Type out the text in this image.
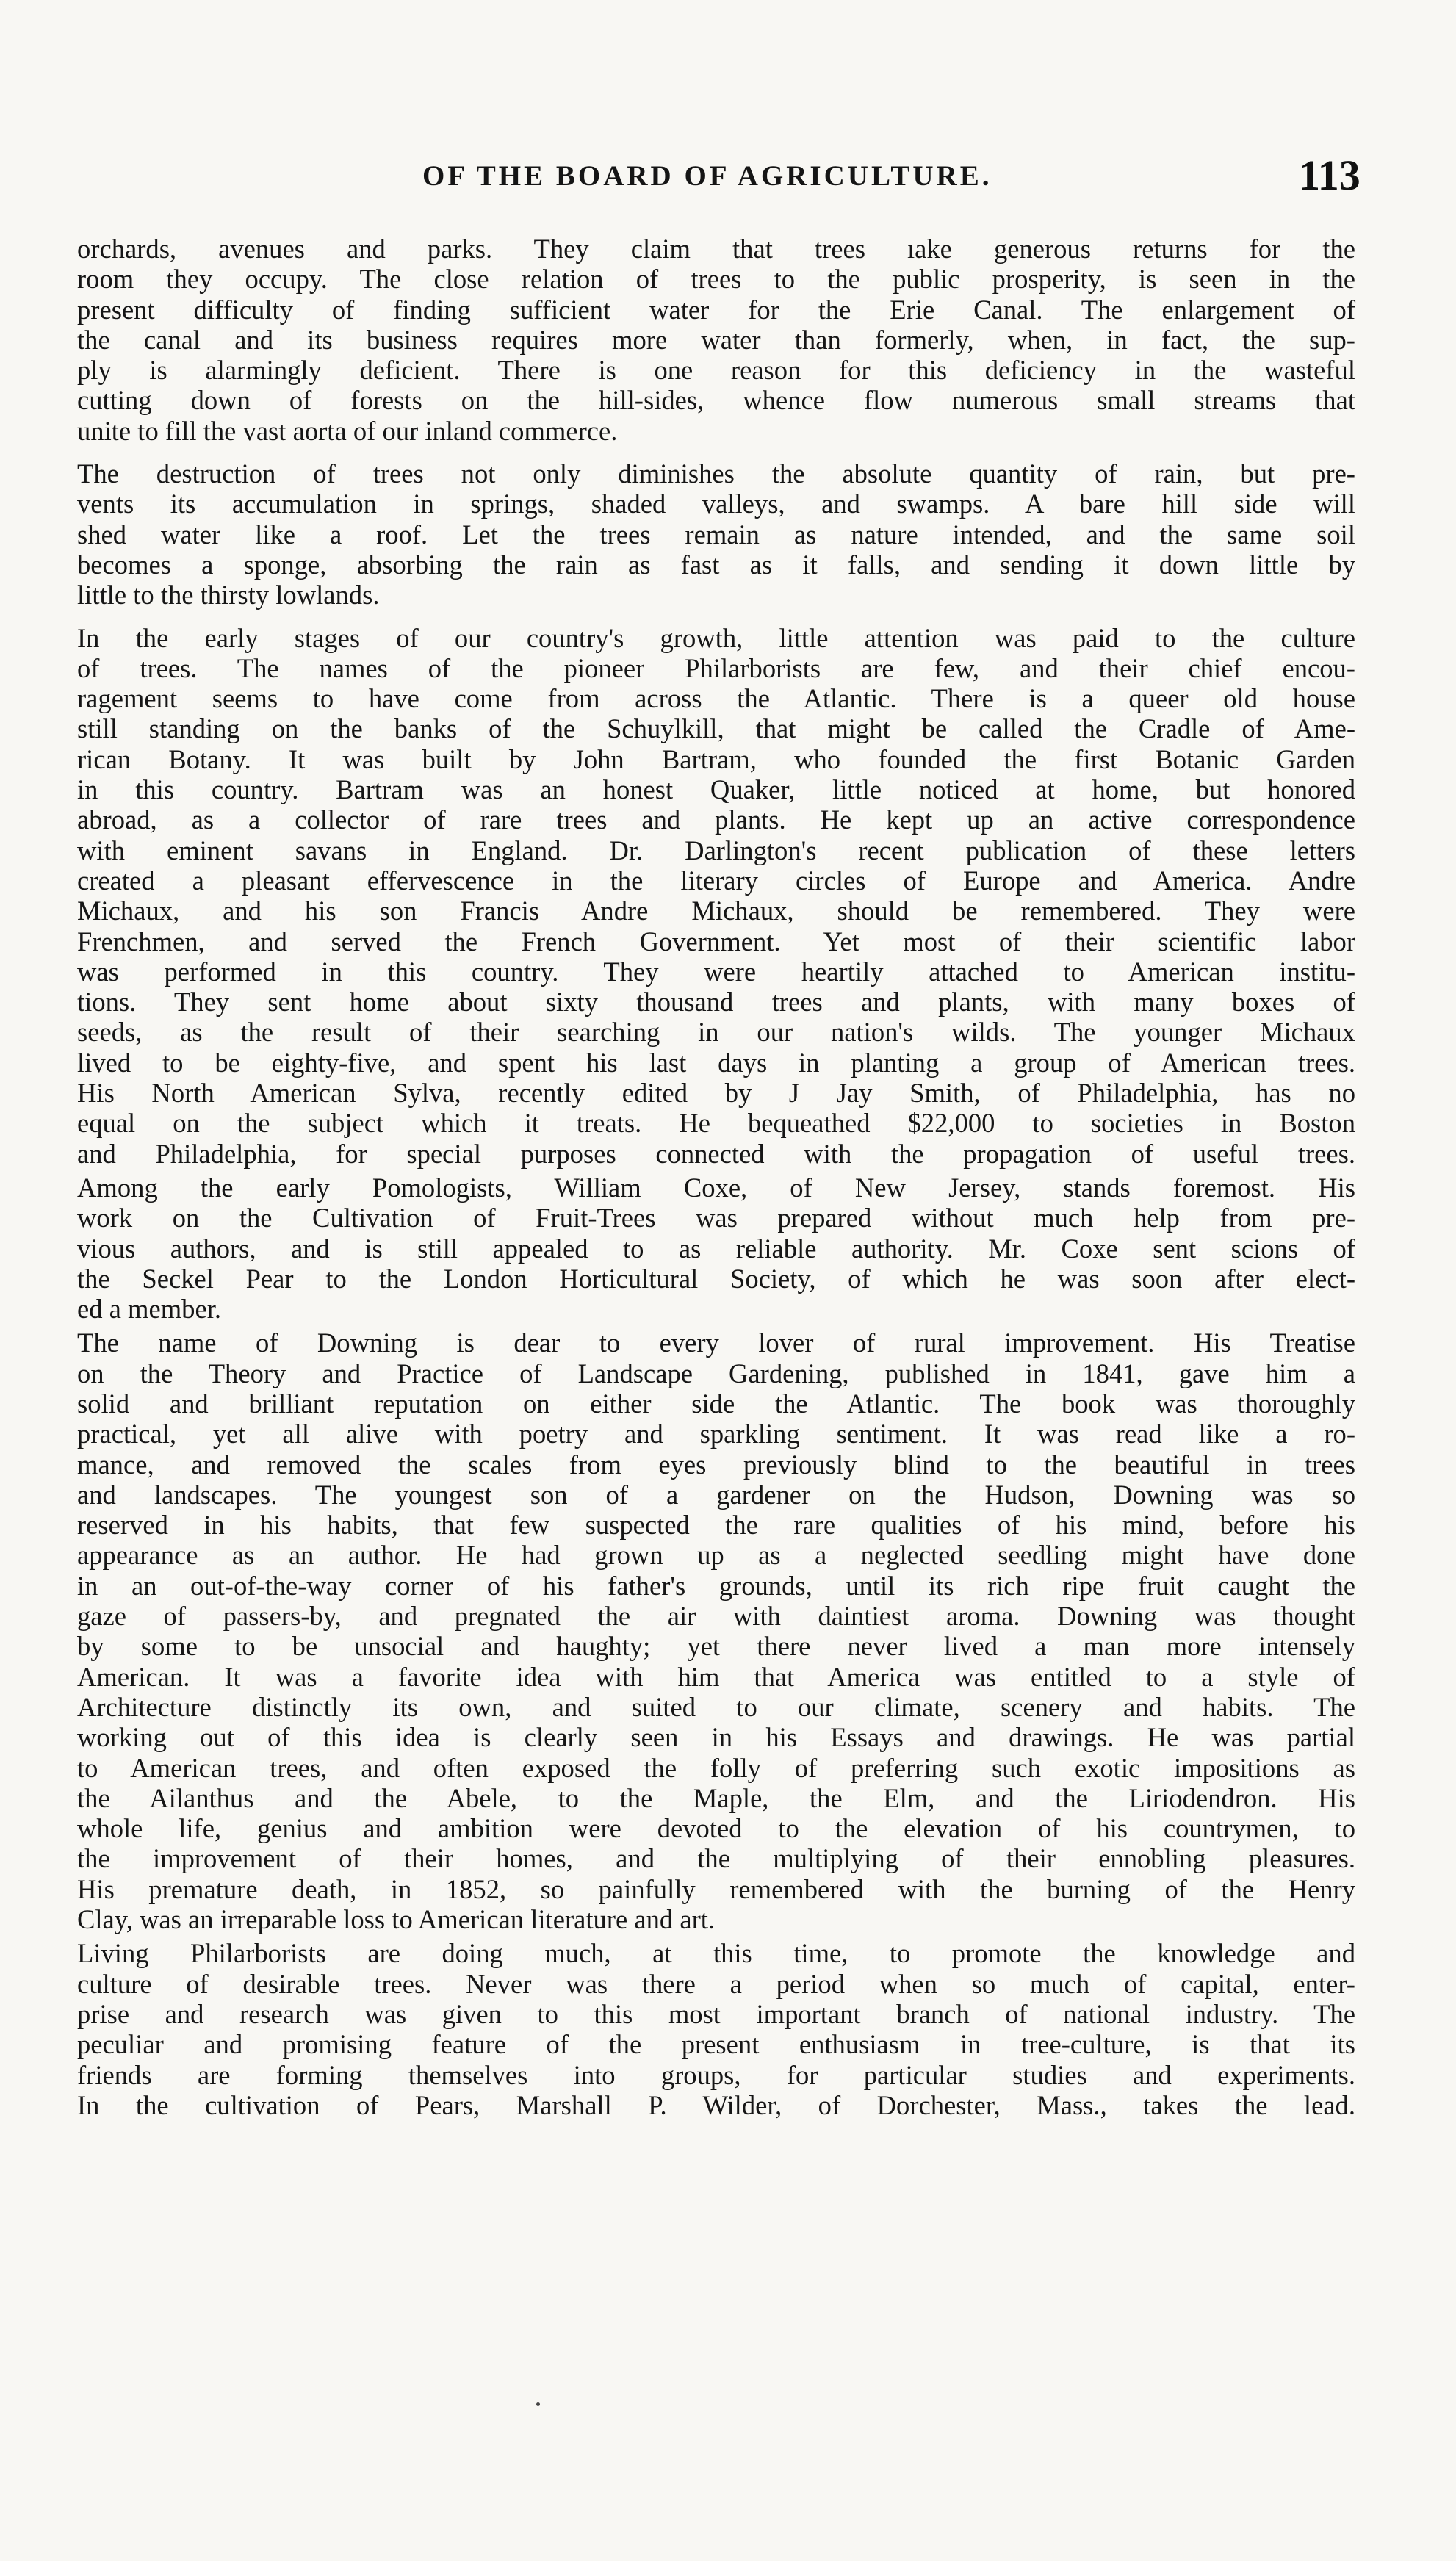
OF THE BOARD OF AGRICULTURE.	113
orchards, avenues and parks. They claim that trees ıake generous returns for the
room they occupy. The close relation of trees to the public prosperity, is seen in the
present difficulty of finding sufficient water for the Erie Canal. The enlargement of
the canal and its business requires more water than formerly, when, in fact, the sup-
ply is alarmingly deficient. There is one reason for this deficiency in the wasteful
cutting down of forests on the hill-sides, whence flow numerous small streams that
unite to fill the vast aorta of our inland commerce.
The destruction of trees not only diminishes the absolute quantity of rain, but pre-
vents its accumulation in springs, shaded valleys, and swamps. A bare hill side will
shed water like a roof. Let the trees remain as nature intended, and the same soil
becomes a sponge, absorbing the rain as fast as it falls, and sending it down little by
little to the thirsty lowlands.
In the early stages of our country's growth, little attention was paid to the culture
of trees. The names of the pioneer Philarborists are few, and their chief encou-
ragement seems to have come from across the Atlantic. There is a queer old house
still standing on the banks of the Schuylkill, that might be called the Cradle of Ame-
rican Botany. It was built by John Bartram, who founded the first Botanic Garden
in this country. Bartram was an honest Quaker, little noticed at home, but honored
abroad, as a collector of rare trees and plants. He kept up an active correspondence
with eminent savans in England. Dr. Darlington's recent publication of these letters
created a pleasant effervescence in the literary circles of Europe and America. Andre
Michaux, and his son Francis Andre Michaux, should be remembered. They were
Frenchmen, and served the French Government. Yet most of their scientific labor
was performed in this country. They were heartily attached to American institu-
tions. They sent home about sixty thousand trees and plants, with many boxes of
seeds, as the result of their searching in our nation's wilds. The younger Michaux
lived to be eighty-five, and spent his last days in planting a group of American trees.
His North American Sylva, recently edited by J Jay Smith, of Philadelphia, has no
equal on the subject which it treats. He bequeathed $22,000 to societies in Boston
and Philadelphia, for special purposes connected with the propagation of useful trees.
Among the early Pomologists, William Coxe, of New Jersey, stands foremost. His
work on the Cultivation of Fruit-Trees was prepared without much help from pre-
vious authors, and is still appealed to as reliable authority. Mr. Coxe sent scions of
the Seckel Pear to the London Horticultural Society, of which he was soon after elect-
ed a member.
The name of Downing is dear to every lover of rural improvement. His Treatise
on the Theory and Practice of Landscape Gardening, published in 1841, gave him a
solid and brilliant reputation on either side the Atlantic. The book was thoroughly
practical, yet all alive with poetry and sparkling sentiment. It was read like a ro-
mance, and removed the scales from eyes previously blind to the beautiful in trees
and landscapes. The youngest son of a gardener on the Hudson, Downing was so
reserved in his habits, that few suspected the rare qualities of his mind, before his
appearance as an author. He had grown up as a neglected seedling might have done
in an out-of-the-way corner of his father's grounds, until its rich ripe fruit caught the
gaze of passers-by, and pregnated the air with daintiest aroma. Downing was thought
by some to be unsocial and haughty; yet there never lived a man more intensely
American. It was a favorite idea with him that America was entitled to a style of
Architecture distinctly its own, and suited to our climate, scenery and habits. The
working out of this idea is clearly seen in his Essays and drawings. He was partial
to American trees, and often exposed the folly of preferring such exotic impositions as
the Ailanthus and the Abele, to the Maple, the Elm, and the Liriodendron. His
whole life, genius and ambition were devoted to the elevation of his countrymen, to
the improvement of their homes, and the multiplying of their ennobling pleasures.
His premature death, in 1852, so painfully remembered with the burning of the Henry
Clay, was an irreparable loss to American literature and art.
Living Philarborists are doing much, at this time, to promote the knowledge and
culture of desirable trees. Never was there a period when so much of capital, enter-
prise and research was given to this most important branch of national industry. The
peculiar and promising feature of the present enthusiasm in tree-culture, is that its
friends are forming themselves into groups, for particular studies and experiments.
In the cultivation of Pears, Marshall P. Wilder, of Dorchester, Mass., takes the lead.
